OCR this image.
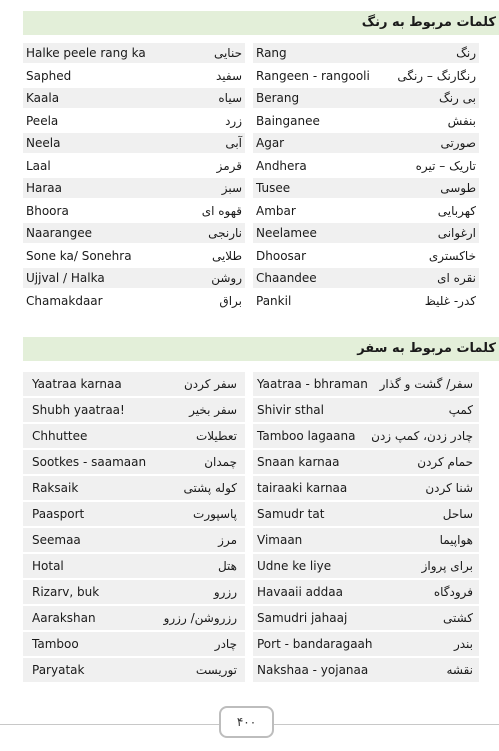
کلمات مربوط به رنگ
Halke peele rang ka	حنایی Rang	رنگ
Saphed	سفید Rangeen - rangooli رنگارنگ – رنگی
Kaala	سیاه Berang	بی رنگ
Peela	زرد Bainganee	بنفش
Neela	آبی Agar	صورتی
Laal	قرمز Andhera	تاریک – تیره
Haraa	سبز Tusee	طوسی
Bhoora	قهوه ای Ambar	کهربایی
Naarangee	نارنجی Neelamee	ارغوانی
Sone ka/ Sonehra	طلایی Dhoosar	خاکستری
Ujjval / Halka	روشن Chaandee	نقره ای
Chamakdaar	براق Pankil	کدر- غلیظ
کلمات مربوط به سفر
Yaatraa karnaa	سفر کردن Yaatraa - bhraman سفر/ گشت و گذار
Shubh yaatraa!	سفر بخیر Shivir sthal	کمپ
Chhuttee	تعطیلات Tamboo lagaana چادر زدن، کمپ زدن
Sootkes - saamaan	چمدان Snaan karnaa	حمام کردن
Raksaik	کوله پشتی tairaaki karnaa	شنا کردن
Paasport	پاسپورت Samudr tat	ساحل
Seemaa	مرز Vimaan	هواپیما
Hotal	هتل Udne ke liye	برای پرواز
Rizarv, buk	رزرو Havaaii addaa	فرودگاه
Aarakshan	رزروشن/ رزرو Samudri jahaaj	کشتی
Tamboo	چادر Port - bandaragaah	بندر
Paryatak	توریست Nakshaa - yojanaa	نقشه
۴۰۰
